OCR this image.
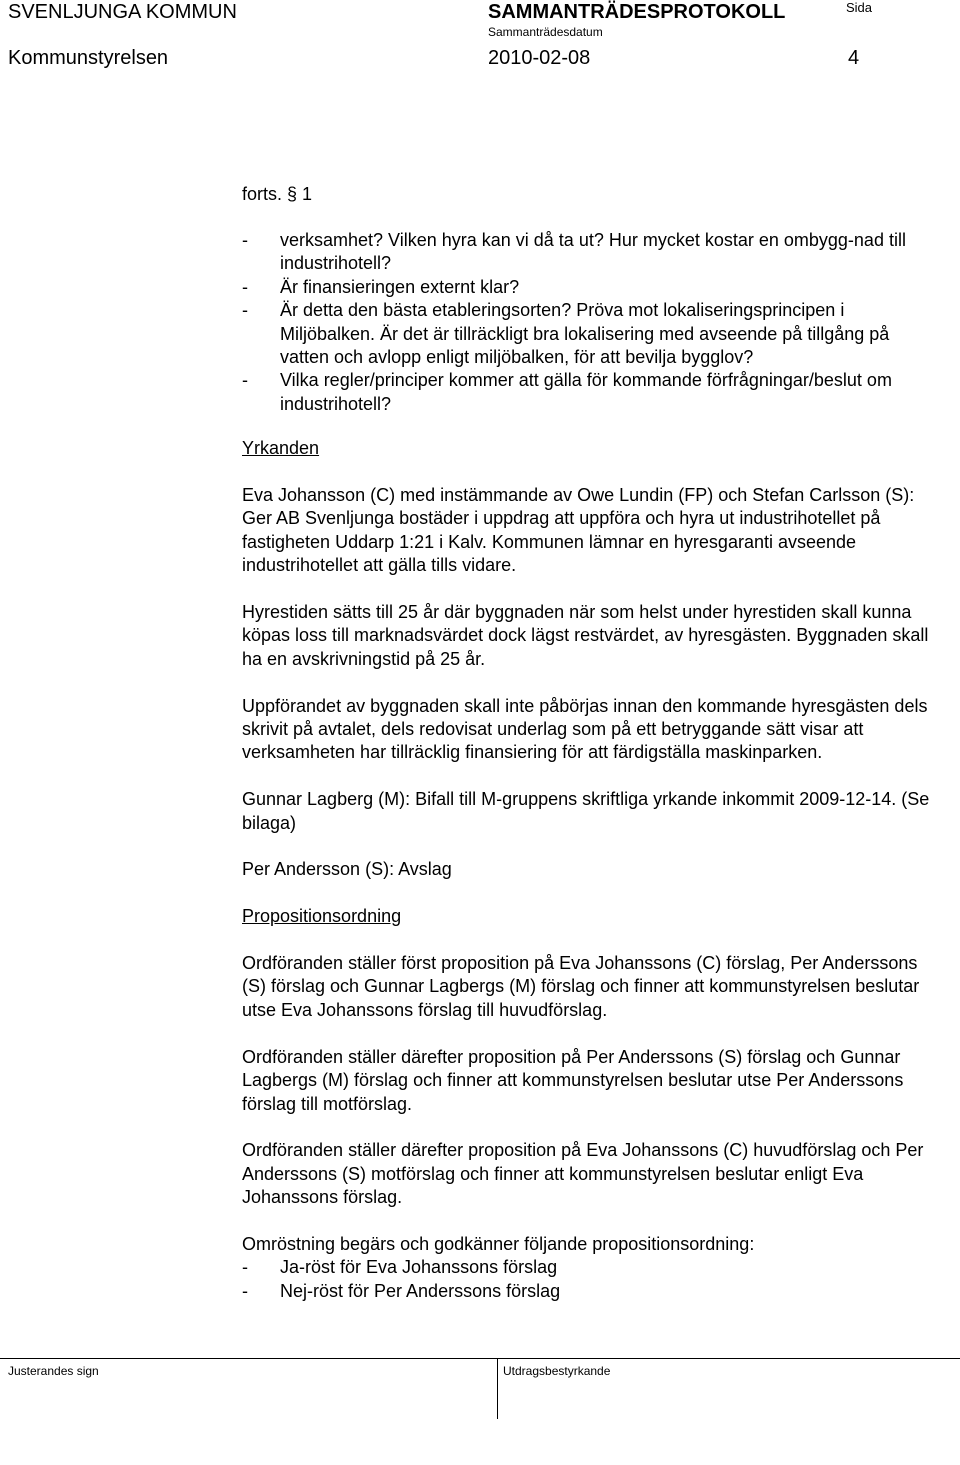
SVENLJUNGA KOMMUN	SAMMANTRÄDESPROTOKOLL
Sammanträdesdatum
Sida
Kommunstyrelsen	2010-02-08	4

forts. § 1

-	verksamhet? Vilken hyra kan vi då ta ut? Hur mycket kostar en ombygg-nad till industrihotell?
-	Är finansieringen externt klar?
-	Är detta den bästa etableringsorten? Pröva mot lokaliseringsprincipen i Miljöbalken. Är det är tillräckligt bra lokalisering med avseende på tillgång på vatten och avlopp enligt miljöbalken, för att bevilja bygglov?
-	Vilka regler/principer kommer att gälla för kommande förfrågningar/beslut om industrihotell?

Yrkanden

Eva Johansson (C) med instämmande av Owe Lundin (FP) och Stefan Carlsson (S): Ger AB Svenljunga bostäder i uppdrag att uppföra och hyra ut industrihotellet på fastigheten Uddarp 1:21 i Kalv. Kommunen lämnar en hyresgaranti avseende industrihotellet att gälla tills vidare.

Hyrestiden sätts till 25 år där byggnaden när som helst under hyrestiden skall kunna köpas loss till marknadsvärdet dock lägst restvärdet, av hyresgästen. Byggnaden skall ha en avskrivningstid på 25 år.

Uppförandet av byggnaden skall inte påbörjas innan den kommande hyresgästen dels skrivit på avtalet, dels redovisat underlag som på ett betryggande sätt visar att verksamheten har tillräcklig finansiering för att färdigställa maskinparken.

Gunnar Lagberg (M): Bifall till M-gruppens skriftliga yrkande inkommit 2009-12-14. (Se bilaga)

Per Andersson (S): Avslag

Propositionsordning

Ordföranden ställer först proposition på Eva Johanssons (C) förslag, Per Anderssons (S) förslag och Gunnar Lagbergs (M) förslag och finner att kommunstyrelsen beslutar utse Eva Johanssons förslag till huvudförslag.

Ordföranden ställer därefter proposition på Per Anderssons (S) förslag och Gunnar Lagbergs (M) förslag och finner att kommunstyrelsen beslutar utse Per Anderssons förslag till motförslag.

Ordföranden ställer därefter proposition på Eva Johanssons (C) huvudförslag och Per Anderssons (S) motförslag och finner att kommunstyrelsen beslutar enligt Eva Johanssons förslag.

Omröstning begärs och godkänner följande propositionsordning:

-	Ja-röst för Eva Johanssons förslag
-	Nej-röst för Per Anderssons förslag
Justerandes sign	Utdragsbestyrkande
